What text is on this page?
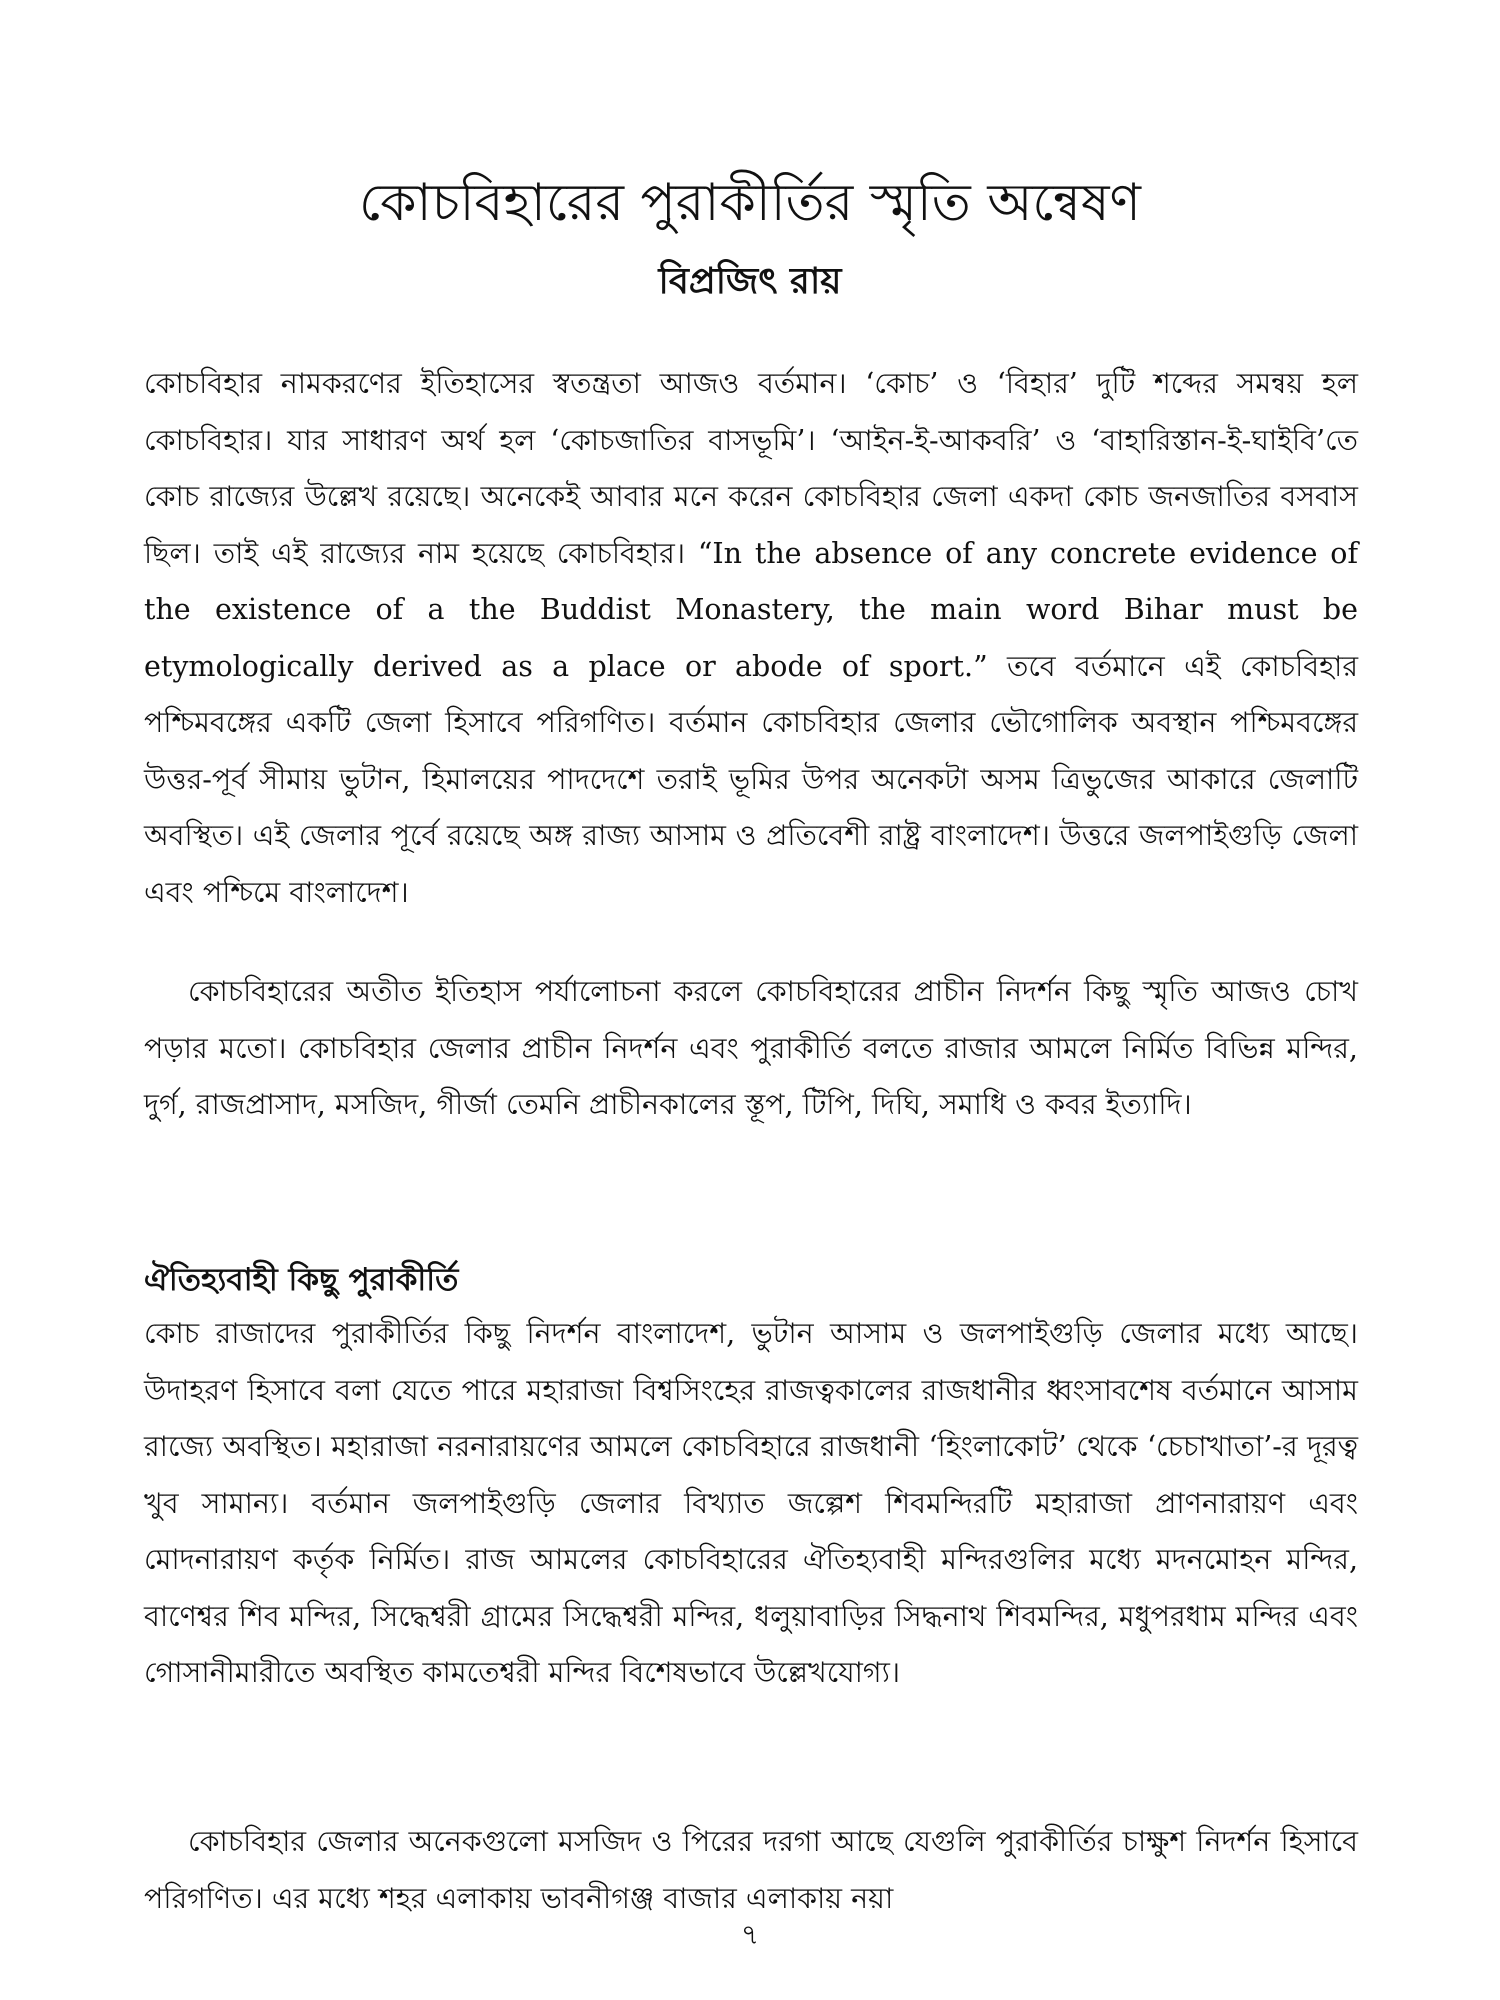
কোচবিহারের পুরাকীর্তির স্মৃতি অন্বেষণ
বিপ্রজিৎ রায়

কোচবিহার নামকরণের ইতিহাসের স্বতন্ত্রতা আজও বর্তমান। ‘কোচ’ ও ‘বিহার’ দুটি শব্দের সমন্বয় হল কোচবিহার। যার সাধারণ অর্থ হল ‘কোচজাতির বাসভূমি’। ‘আইন-ই-আকবরি’ ও ‘বাহারিস্তান-ই-ঘাইবি’তে কোচ রাজ্যের উল্লেখ রয়েছে। অনেকেই আবার মনে করেন কোচবিহার জেলা একদা কোচ জনজাতির বসবাস ছিল। তাই এই রাজ্যের নাম হয়েছে কোচবিহার। “In the absence of any concrete evidence of the existence of a the Buddist Monastery, the main word Bihar must be etymologically derived as a place or abode of sport.” তবে বর্তমানে এই কোচবিহার পশ্চিমবঙ্গের একটি জেলা হিসাবে পরিগণিত। বর্তমান কোচবিহার জেলার ভৌগোলিক অবস্থান পশ্চিমবঙ্গের উত্তর-পূর্ব সীমায় ভুটান, হিমালয়ের পাদদেশে তরাই ভূমির উপর অনেকটা অসম ত্রিভুজের আকারে জেলাটি অবস্থিত। এই জেলার পূর্বে রয়েছে অঙ্গ রাজ্য আসাম ও প্রতিবেশী রাষ্ট্র বাংলাদেশ। উত্তরে জলপাইগুড়ি জেলা এবং পশ্চিমে বাংলাদেশ।

কোচবিহারের অতীত ইতিহাস পর্যালোচনা করলে কোচবিহারের প্রাচীন নিদর্শন কিছু স্মৃতি আজও চোখ পড়ার মতো। কোচবিহার জেলার প্রাচীন নিদর্শন এবং পুরাকীর্তি বলতে রাজার আমলে নির্মিত বিভিন্ন মন্দির, দুর্গ, রাজপ্রাসাদ, মসজিদ, গীর্জা তেমনি প্রাচীনকালের স্তূপ, টিপি, দিঘি, সমাধি ও কবর ইত্যাদি।

ঐতিহ্যবাহী কিছু পুরাকীর্তি

কোচ রাজাদের পুরাকীর্তির কিছু নিদর্শন বাংলাদেশ, ভুটান আসাম ও জলপাইগুড়ি জেলার মধ্যে আছে। উদাহরণ হিসাবে বলা যেতে পারে মহারাজা বিশ্বসিংহের রাজত্বকালের রাজধানীর ধ্বংসাবশেষ বর্তমানে আসাম রাজ্যে অবস্থিত। মহারাজা নরনারায়ণের আমলে কোচবিহারে রাজধানী ‘হিংলাকোট’ থেকে ‘চেচাখাতা’-র দূরত্ব খুব সামান্য। বর্তমান জলপাইগুড়ি জেলার বিখ্যাত জল্পেশ শিবমন্দিরটি মহারাজা প্রাণনারায়ণ এবং মোদনারায়ণ কর্তৃক নির্মিত। রাজ আমলের কোচবিহারের ঐতিহ্যবাহী মন্দিরগুলির মধ্যে মদনমোহন মন্দির, বাণেশ্বর শিব মন্দির, সিদ্ধেশ্বরী গ্রামের সিদ্ধেশ্বরী মন্দির, ধলুয়াবাড়ির সিদ্ধনাথ শিবমন্দির, মধুপরধাম মন্দির এবং গোসানীমারীতে অবস্থিত কামতেশ্বরী মন্দির বিশেষভাবে উল্লেখযোগ্য।

কোচবিহার জেলার অনেকগুলো মসজিদ ও পিরের দরগা আছে যেগুলি পুরাকীর্তির চাক্ষুশ নিদর্শন হিসাবে পরিগণিত। এর মধ্যে শহর এলাকায় ভাবনীগঞ্জ বাজার এলাকায় নয়া

৭
